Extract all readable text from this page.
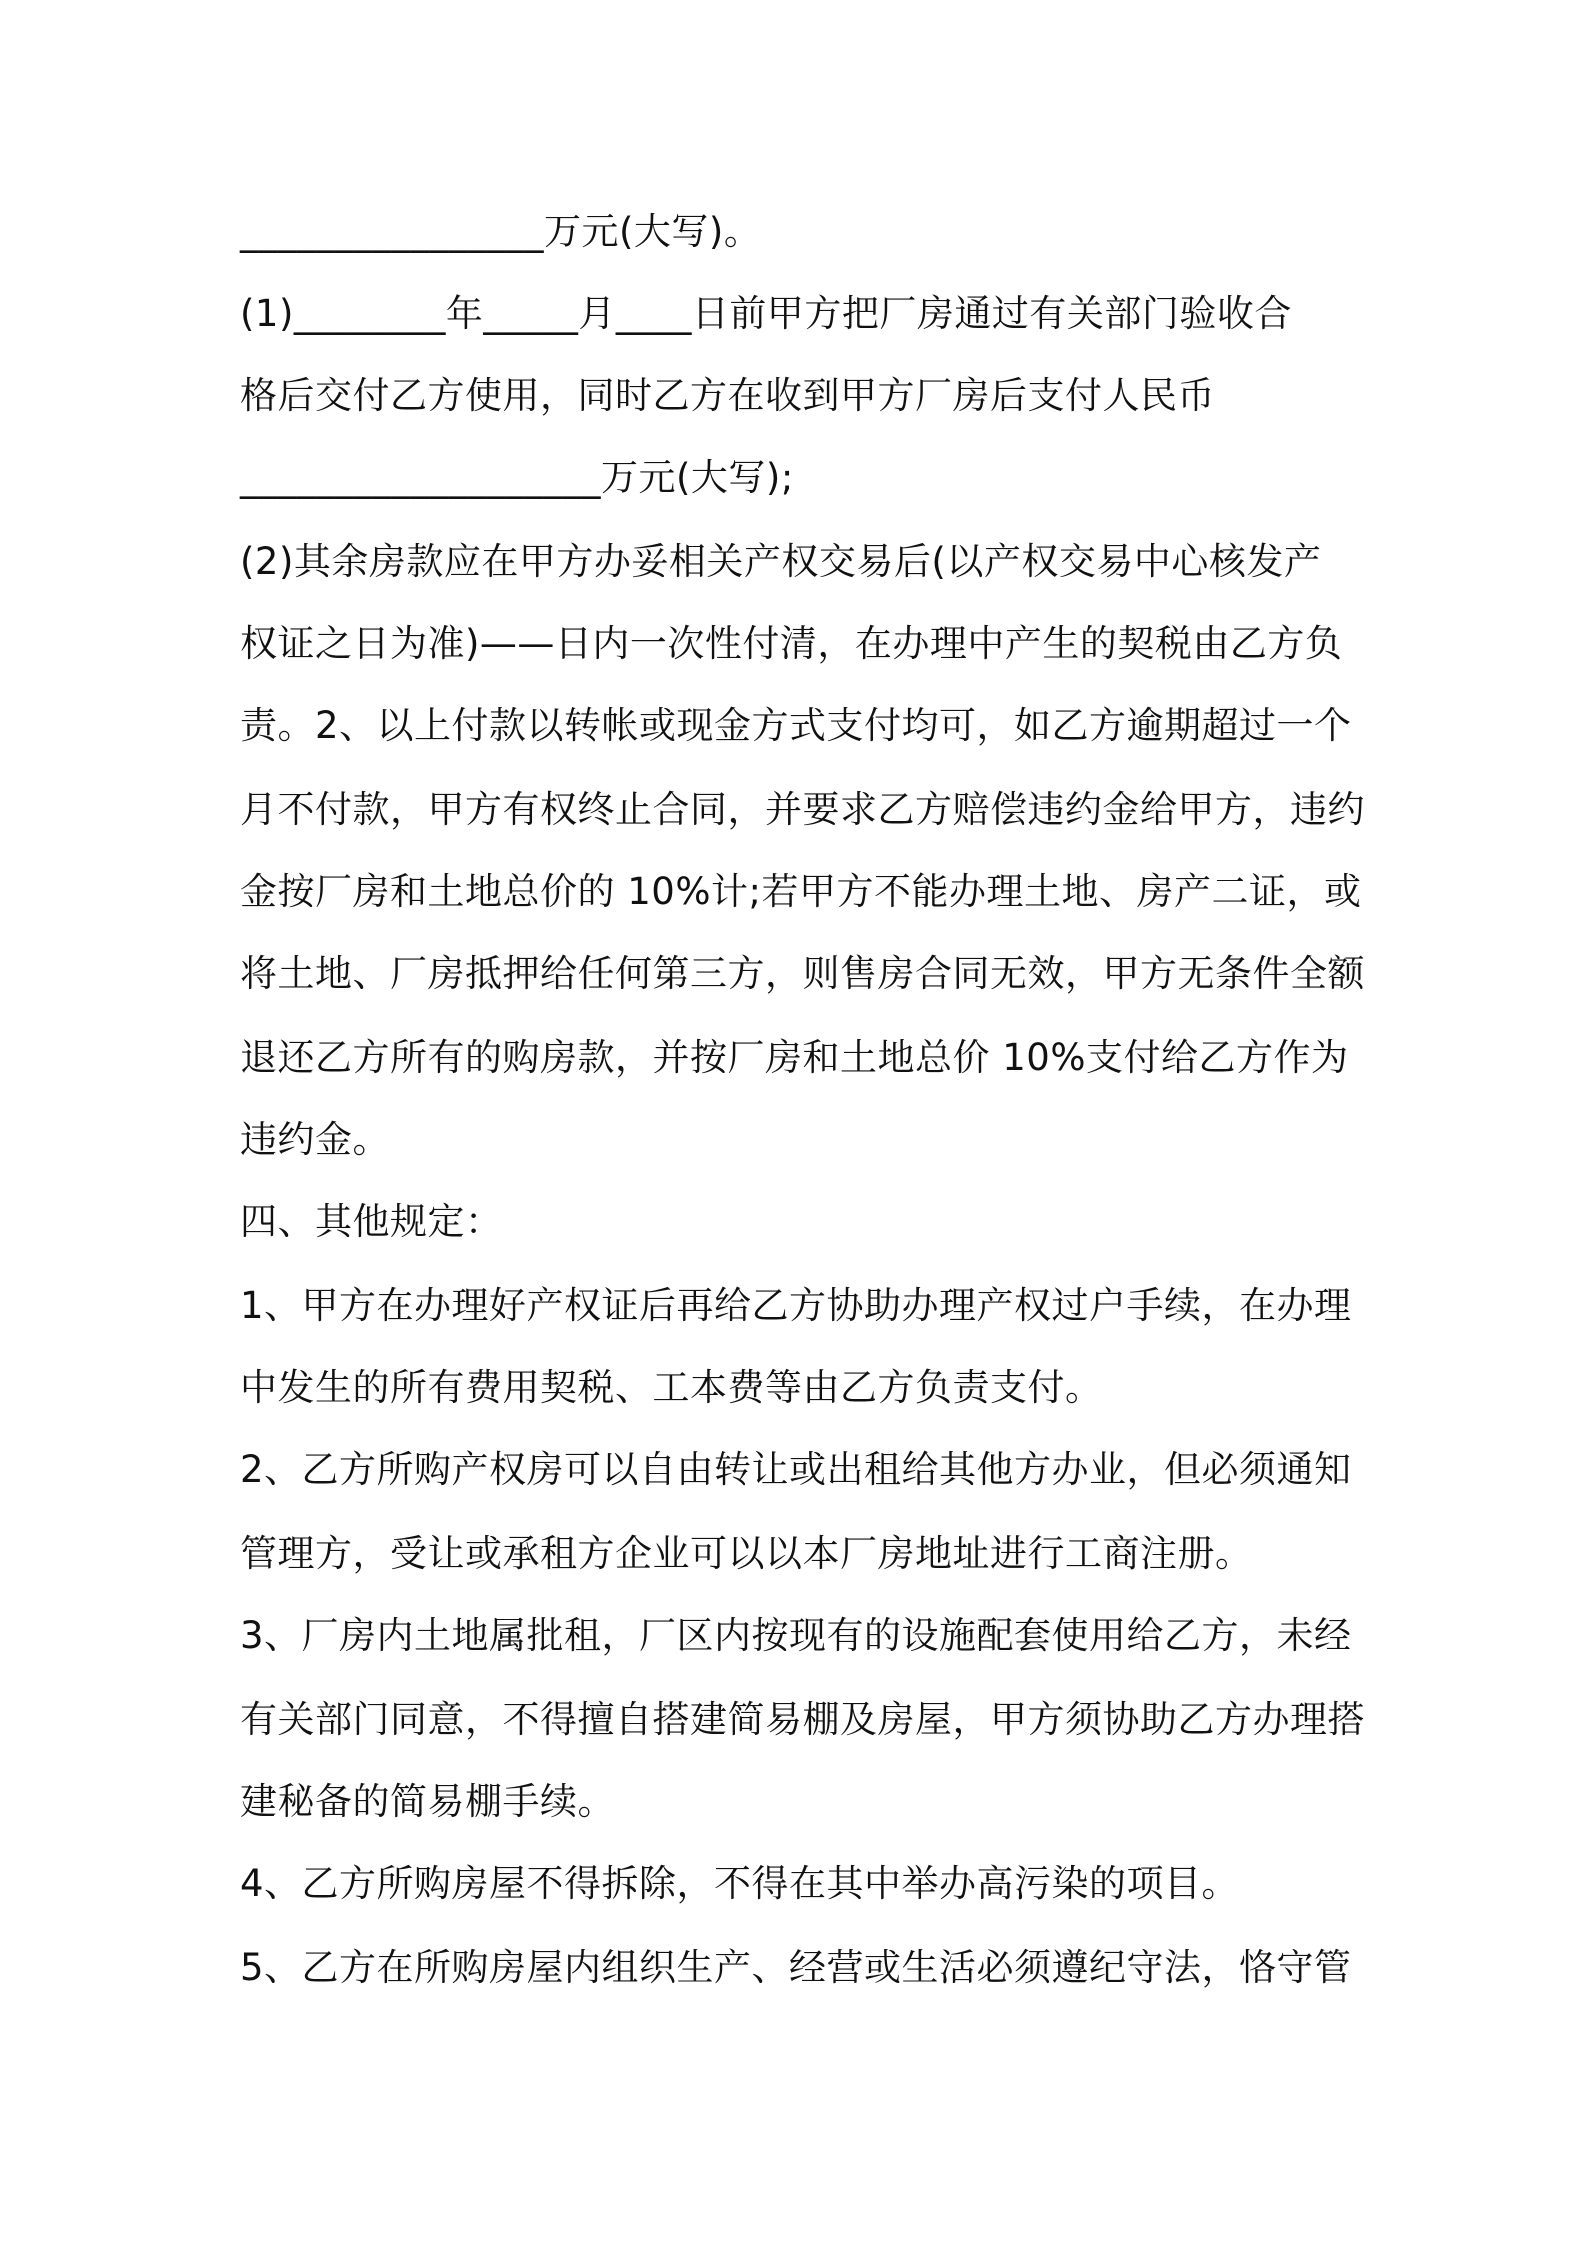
________________万元(大写)。
(1)________年_____月____日前甲方把厂房通过有关部门验收合
格后交付乙方使用，同时乙方在收到甲方厂房后支付人民币
___________________万元(大写);
(2)其余房款应在甲方办妥相关产权交易后(以产权交易中心核发产
权证之日为准)——日内一次性付清，在办理中产生的契税由乙方负
责。2、以上付款以转帐或现金方式支付均可，如乙方逾期超过一个
月不付款，甲方有权终止合同，并要求乙方赔偿违约金给甲方，违约
金按厂房和土地总价的 10%计;若甲方不能办理土地、房产二证，或
将土地、厂房抵押给任何第三方，则售房合同无效，甲方无条件全额
退还乙方所有的购房款，并按厂房和土地总价 10%支付给乙方作为
违约金。
四、其他规定：
1、甲方在办理好产权证后再给乙方协助办理产权过户手续，在办理
中发生的所有费用契税、工本费等由乙方负责支付。
2、乙方所购产权房可以自由转让或出租给其他方办业，但必须通知
管理方，受让或承租方企业可以以本厂房地址进行工商注册。
3、厂房内土地属批租，厂区内按现有的设施配套使用给乙方，未经
有关部门同意，不得擅自搭建简易棚及房屋，甲方须协助乙方办理搭
建秘备的简易棚手续。
4、乙方所购房屋不得拆除，不得在其中举办高污染的项目。
5、乙方在所购房屋内组织生产、经营或生活必须遵纪守法，恪守管
